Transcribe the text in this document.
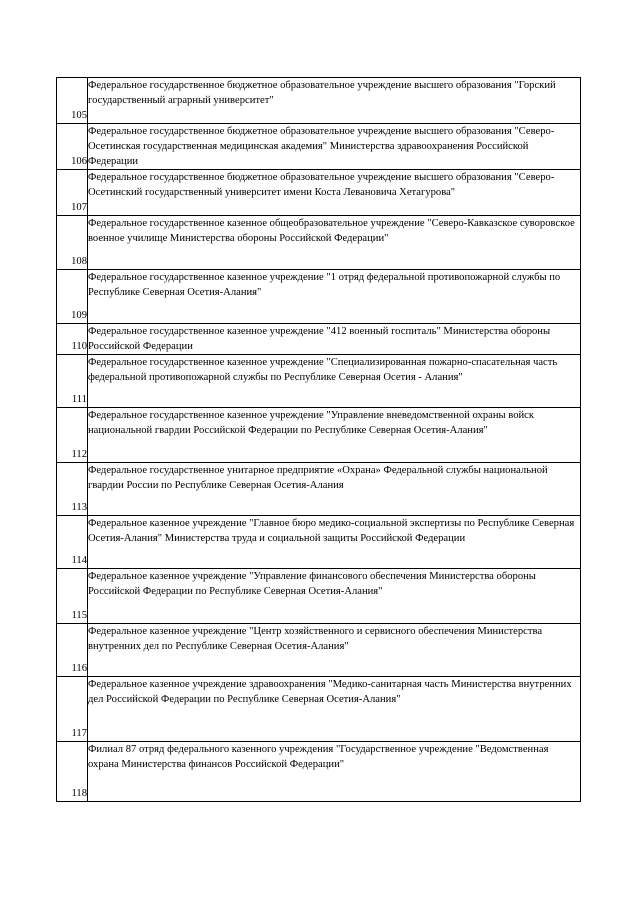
105	Федеральное государственное бюджетное образовательное учреждение высшего образования "Горский государственный аграрный университет"
106	Федеральное государственное бюджетное образовательное учреждение высшего образования "Северо-Осетинская государственная медицинская академия" Министерства здравоохранения Российской Федерации
107	Федеральное государственное бюджетное образовательное учреждение высшего образования "Северо-Осетинский государственный университет имени Коста Левановича Хетагурова"
108	Федеральное государственное казенное общеобразовательное учреждение "Северо-Кавказское суворовское военное училище Министерства обороны Российской Федерации"
109	Федеральное государственное казенное учреждение "1 отряд федеральной противопожарной службы по Республике Северная Осетия-Алания"
110	Федеральное государственное казенное учреждение "412 военный госпиталь" Министерства обороны Российской Федерации
111	Федеральное государственное казенное учреждение "Специализированная пожарно-спасательная часть федеральной противопожарной службы по Республике Северная Осетия - Алания"
112	Федеральное государственное казенное учреждение "Управление вневедомственной охраны войск национальной гвардии Российской Федерации по Республике Северная Осетия-Алания"
113	Федеральное государственное унитарное предприятие «Охрана» Федеральной службы национальной гвардии России по Республике Северная Осетия-Алания
114	Федеральное казенное учреждение "Главное бюро медико-социальной экспертизы по Республике Северная Осетия-Алания" Министерства труда и социальной защиты Российской Федерации
115	Федеральное казенное учреждение "Управление финансового обеспечения Министерства обороны Российской Федерации по Республике Северная Осетия-Алания"
116	Федеральное казенное учреждение "Центр хозяйственного и сервисного обеспечения Министерства внутренних дел по Республике Северная Осетия-Алания"
117	Федеральное казенное учреждение здравоохранения "Медико-санитарная часть Министерства внутренних дел Российской Федерации по Республике Северная Осетия-Алания"
118	Филиал 87 отряд федерального казенного учреждения "Государственное учреждение "Ведомственная охрана Министерства финансов Российской Федерации"
